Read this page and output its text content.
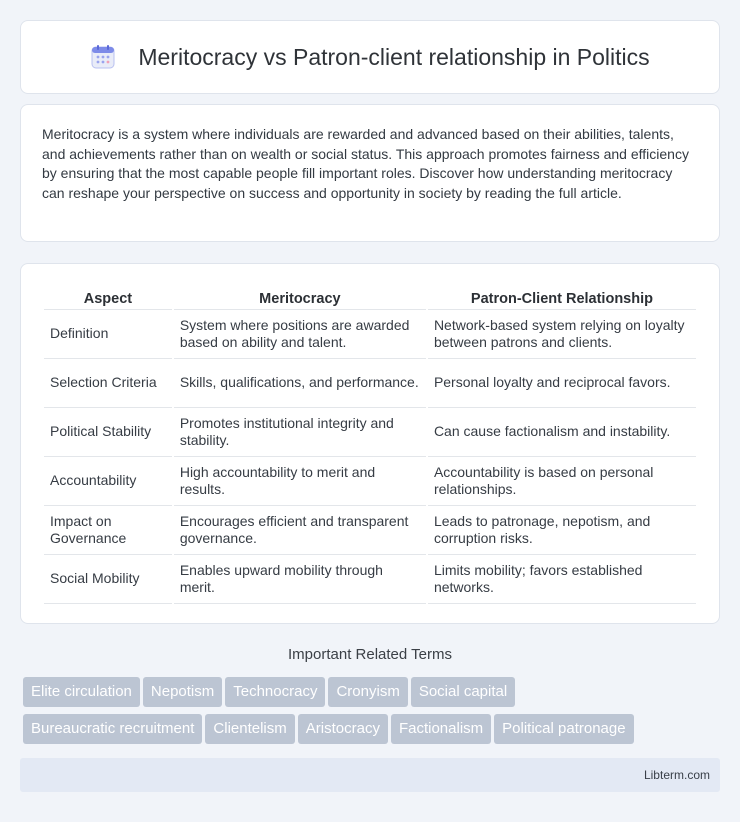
Meritocracy vs Patron-client relationship in Politics

Meritocracy is a system where individuals are rewarded and advanced based on their abilities, talents, and achievements rather than on wealth or social status. This approach promotes fairness and efficiency by ensuring that the most capable people fill important roles. Discover how understanding meritocracy can reshape your perspective on success and opportunity in society by reading the full article.

Aspect	Meritocracy	Patron-Client Relationship
Definition	System where positions are awarded based on ability and talent.	Network-based system relying on loyalty between patrons and clients.
Selection Criteria	Skills, qualifications, and performance.	Personal loyalty and reciprocal favors.
Political Stability	Promotes institutional integrity and stability.	Can cause factionalism and instability.
Accountability	High accountability to merit and results.	Accountability is based on personal relationships.
Impact on Governance	Encourages efficient and transparent governance.	Leads to patronage, nepotism, and corruption risks.
Social Mobility	Enables upward mobility through merit.	Limits mobility; favors established networks.
Important Related Terms
Elite circulation Nepotism Technocracy Cronyism Social capital
Bureaucratic recruitment Clientelism Aristocracy Factionalism Political patronage
Libterm.com
